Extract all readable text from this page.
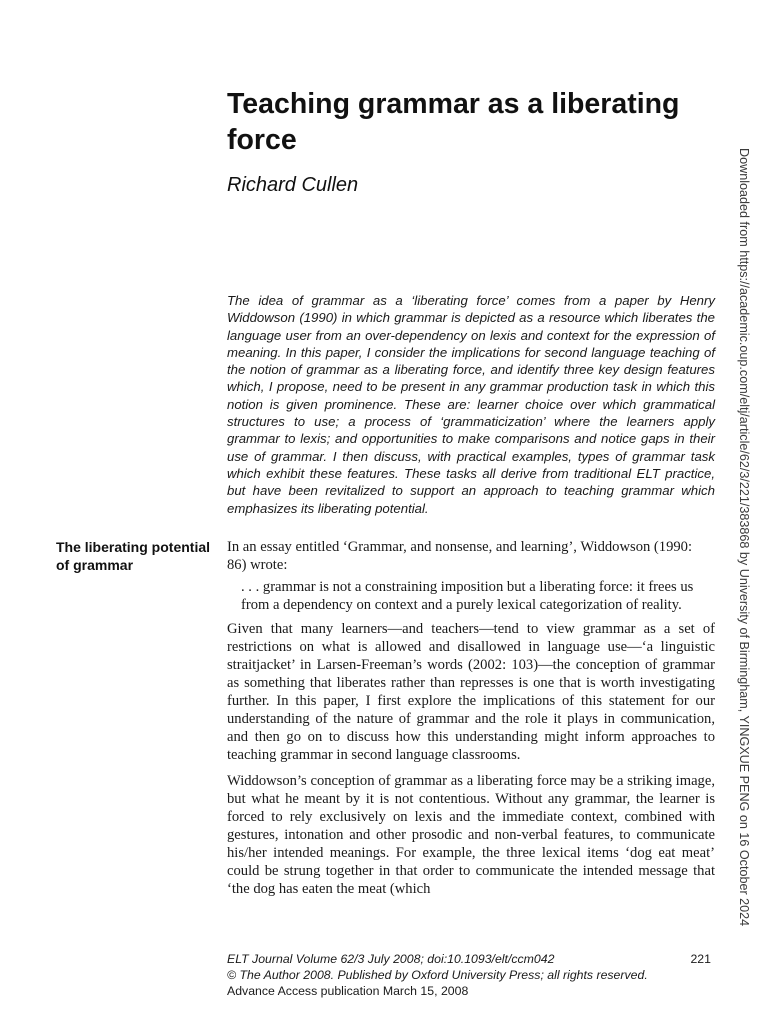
Teaching grammar as a liberating force
Richard Cullen

The idea of grammar as a ‘liberating force’ comes from a paper by Henry Widdowson (1990) in which grammar is depicted as a resource which liberates the language user from an over-dependency on lexis and context for the expression of meaning. In this paper, I consider the implications for second language teaching of the notion of grammar as a liberating force, and identify three key design features which, I propose, need to be present in any grammar production task in which this notion is given prominence. These are: learner choice over which grammatical structures to use; a process of ‘grammaticization’ where the learners apply grammar to lexis; and opportunities to make comparisons and notice gaps in their use of grammar. I then discuss, with practical examples, types of grammar task which exhibit these features. These tasks all derive from traditional ELT practice, but have been revitalized to support an approach to teaching grammar which emphasizes its liberating potential.

The liberating potential of grammar

In an essay entitled ‘Grammar, and nonsense, and learning’, Widdowson (1990: 86) wrote:

. . . grammar is not a constraining imposition but a liberating force: it frees us from a dependency on context and a purely lexical categorization of reality.

Given that many learners—and teachers—tend to view grammar as a set of restrictions on what is allowed and disallowed in language use—‘a linguistic straitjacket’ in Larsen-Freeman’s words (2002: 103)—the conception of grammar as something that liberates rather than represses is one that is worth investigating further. In this paper, I first explore the implications of this statement for our understanding of the nature of grammar and the role it plays in communication, and then go on to discuss how this understanding might inform approaches to teaching grammar in second language classrooms.

Widdowson’s conception of grammar as a liberating force may be a striking image, but what he meant by it is not contentious. Without any grammar, the learner is forced to rely exclusively on lexis and the immediate context, combined with gestures, intonation and other prosodic and non-verbal features, to communicate his/her intended meanings. For example, the three lexical items ‘dog eat meat’ could be strung together in that order to communicate the intended message that ‘the dog has eaten the meat (which

ELT Journal Volume 62/3 July 2008; doi:10.1093/elt/ccm042
© The Author 2008. Published by Oxford University Press; all rights reserved.
Advance Access publication March 15, 2008
221
Downloaded from https://academic.oup.com/eltj/article/62/3/221/383868 by University of Birmingham, YINGXUE PENG on 16 October 2024
